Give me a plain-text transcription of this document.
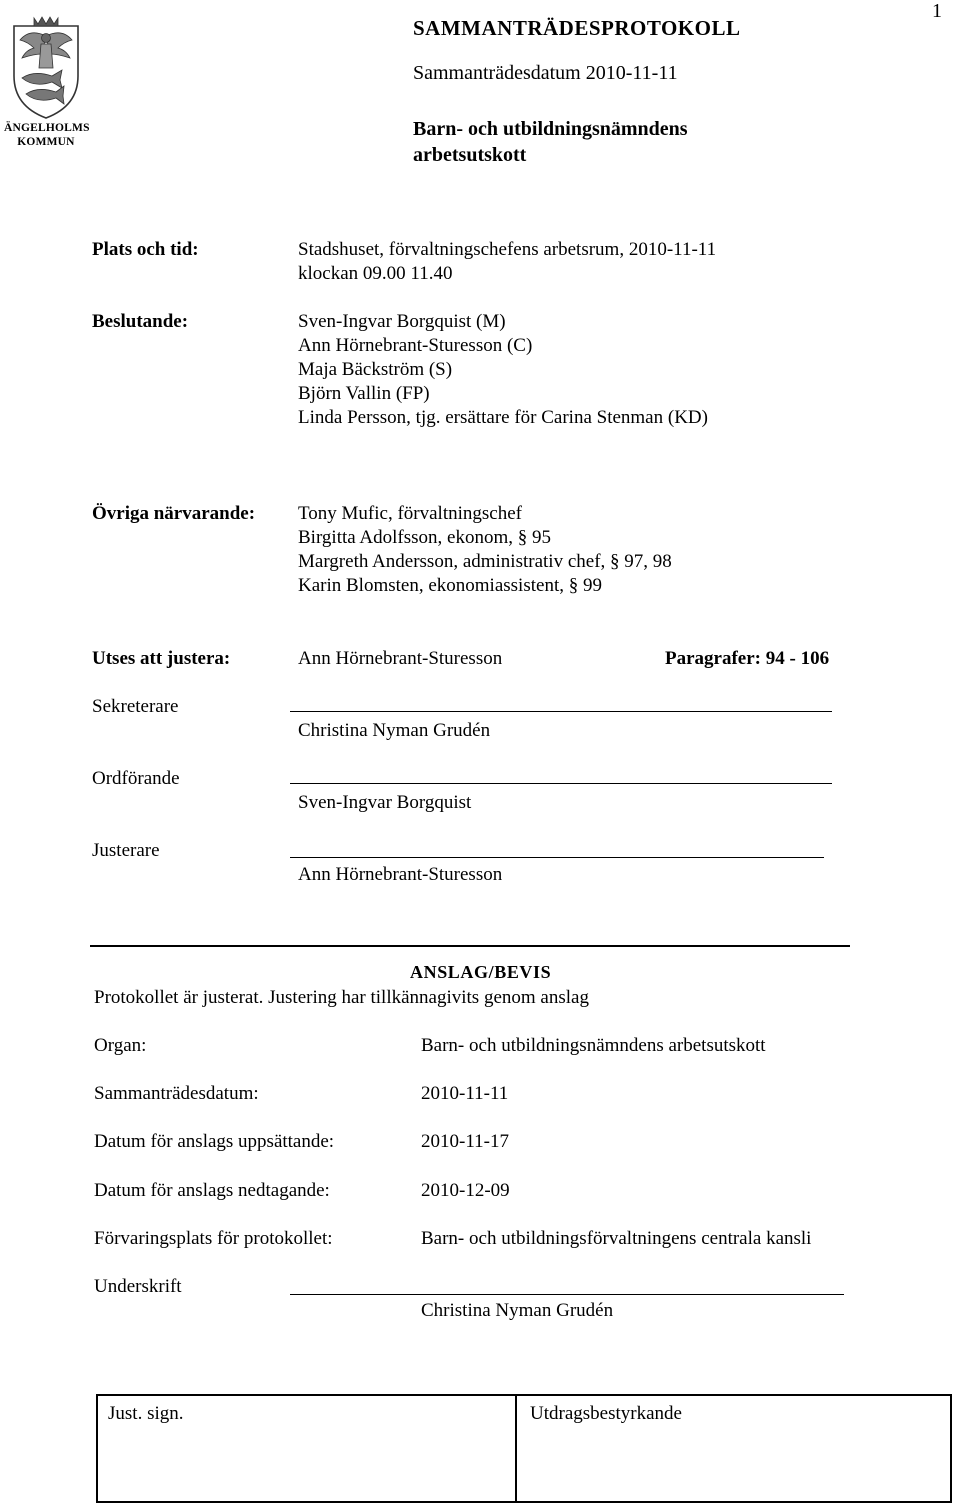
ÄNGELHOLMS
KOMMUN
1
SAMMANTRÄDESPROTOKOLL
Sammanträdesdatum 2010-11-11
Barn- och utbildningsnämndens
arbetsutskott
Plats och tid:	Stadshuset, förvaltningschefens arbetsrum, 2010-11-11
klockan 09.00 11.40
Beslutande:	Sven-Ingvar Borgquist (M)
Ann Hörnebrant-Sturesson (C)
Maja Bäckström (S)
Björn Vallin (FP)
Linda Persson, tjg. ersättare för Carina Stenman (KD)
Övriga närvarande: Tony Mufic, förvaltningschef
Birgitta Adolfsson, ekonom, § 95
Margreth Andersson, administrativ chef, § 97, 98
Karin Blomsten, ekonomiassistent, § 99
Utses att justera:	Ann Hörnebrant-Sturesson	Paragrafer: 94 - 106
Sekreterare
Christina Nyman Grudén
Ordförande
Sven-Ingvar Borgquist
Justerare
Ann Hörnebrant-Sturesson
ANSLAG/BEVIS
Protokollet är justerat. Justering har tillkännagivits genom anslag
Organ:	Barn- och utbildningsnämndens arbetsutskott
Sammanträdesdatum:	2010-11-11
Datum för anslags uppsättande:	2010-11-17
Datum för anslags nedtagande:	2010-12-09
Förvaringsplats för protokollet:	Barn- och utbildningsförvaltningens centrala kansli
Underskrift
Christina Nyman Grudén
Just. sign.	Utdragsbestyrkande
